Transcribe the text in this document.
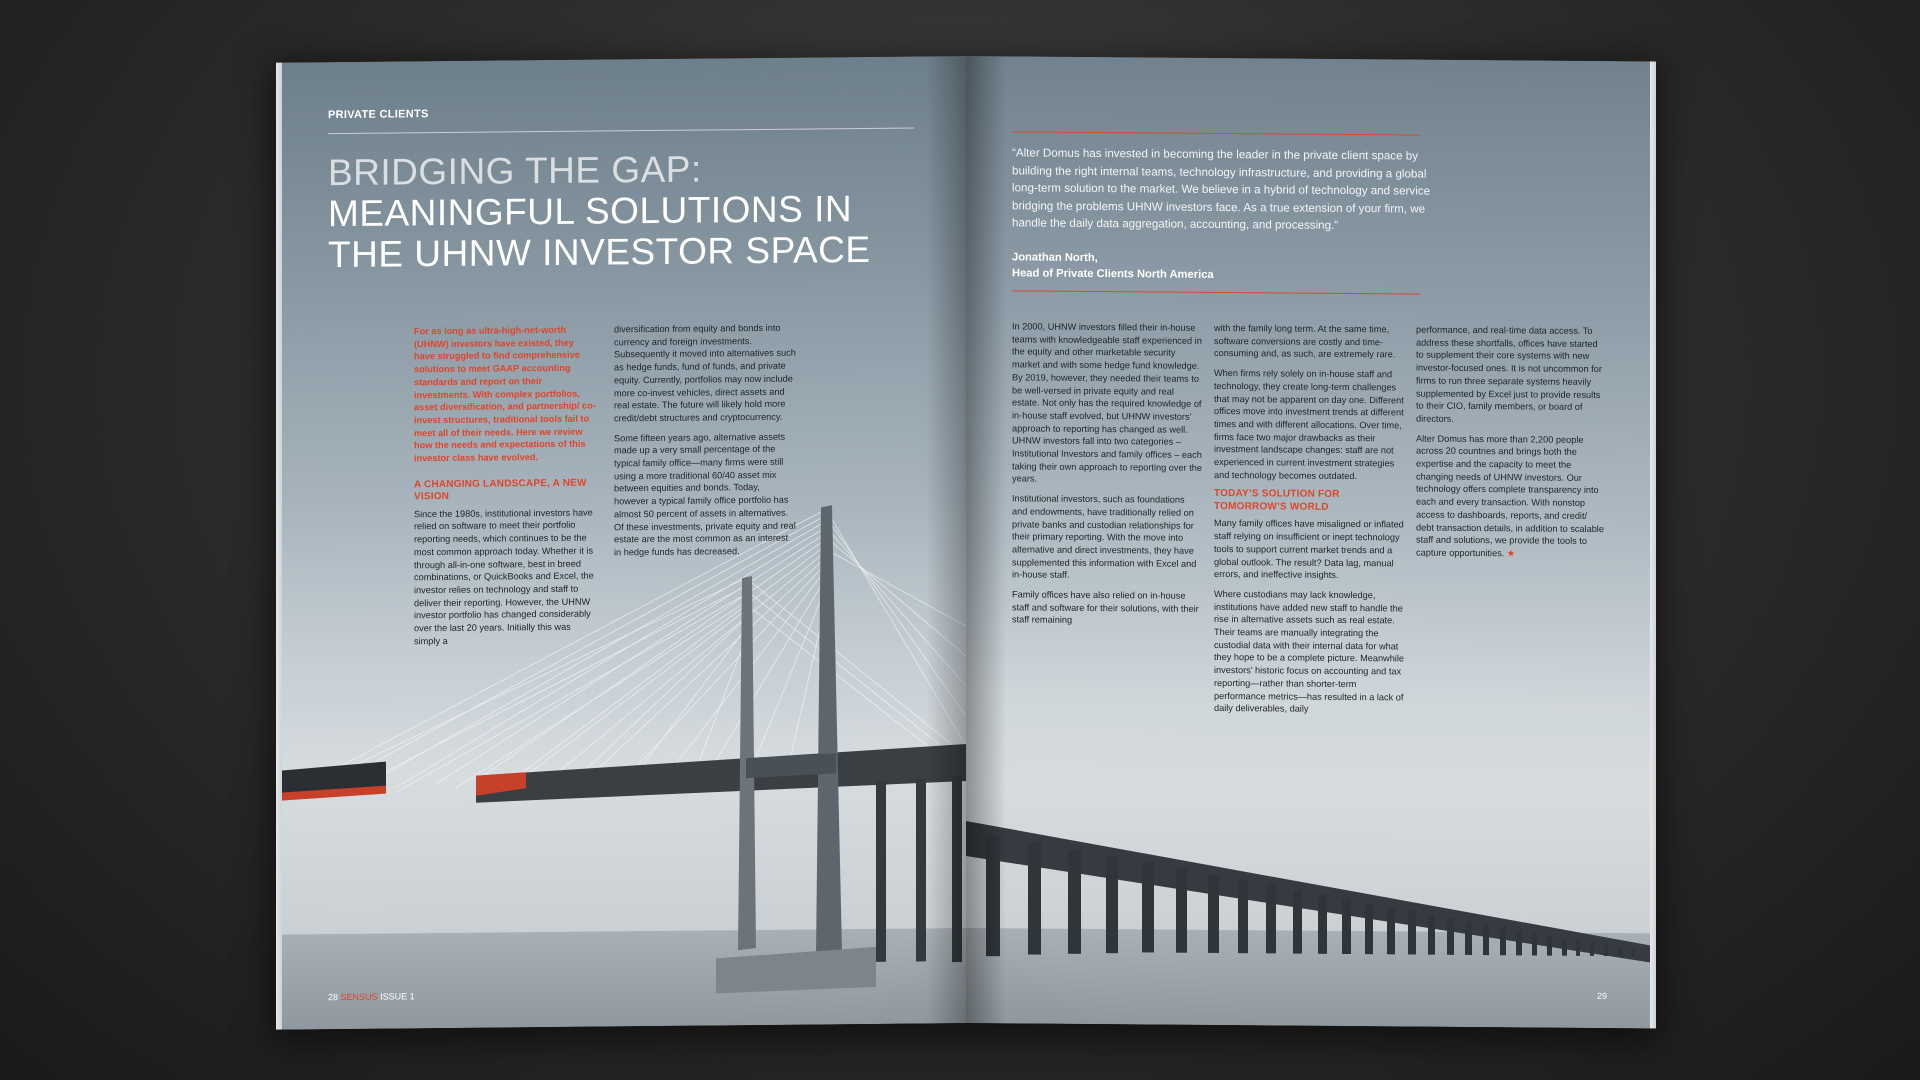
PRIVATE CLIENTS
BRIDGING THE GAP:
MEANINGFUL SOLUTIONS IN
THE UHNW INVESTOR SPACE

For as long as ultra-high-net-worth (UHNW) investors have existed, they have struggled to find comprehensive solutions to meet GAAP accounting standards and report on their investments. With complex portfolios, asset diversification, and partnership/ co-invest structures, traditional tools fail to meet all of their needs. Here we review how the needs and expectations of this investor class have evolved.

A CHANGING LANDSCAPE, A NEW VISION

Since the 1980s, institutional investors have relied on software to meet their portfolio reporting needs, which continues to be the most common approach today. Whether it is through all-in-one software, best in breed combinations, or QuickBooks and Excel, the investor relies on technology and staff to deliver their reporting. However, the UHNW investor portfolio has changed considerably over the last 20 years. Initially this was simply a

diversification from equity and bonds into currency and foreign investments. Subsequently it moved into alternatives such as hedge funds, fund of funds, and private equity. Currently, portfolios may now include more co-invest vehicles, direct assets and real estate. The future will likely hold more credit/debt structures and cryptocurrency.

Some fifteen years ago, alternative assets made up a very small percentage of the typical family office—many firms were still using a more traditional 60/40 asset mix between equities and bonds. Today, however a typical family office portfolio has almost 50 percent of assets in alternatives. Of these investments, private equity and real estate are the most common as an interest in hedge funds has decreased.

28 SENSUS ISSUE 1
“Alter Domus has invested in becoming the leader in the private client space by building the right internal teams, technology infrastructure, and providing a global long-term solution to the market. We believe in a hybrid of technology and service bridging the problems UHNW investors face. As a true extension of your firm, we handle the daily data aggregation, accounting, and processing.”
Jonathan North,
Head of Private Clients North America

In 2000, UHNW investors filled their in-house teams with knowledgeable staff experienced in the equity and other marketable security market and with some hedge fund knowledge. By 2019, however, they needed their teams to be well-versed in private equity and real estate. Not only has the required knowledge of in-house staff evolved, but UHNW investors’ approach to reporting has changed as well. UHNW investors fall into two categories – Institutional Investors and family offices – each taking their own approach to reporting over the years.

Institutional investors, such as foundations and endowments, have traditionally relied on private banks and custodian relationships for their primary reporting. With the move into alternative and direct investments, they have supplemented this information with Excel and in-house staff.

Family offices have also relied on in-house staff and software for their solutions, with their staff remaining

with the family long term. At the same time, software conversions are costly and time-consuming and, as such, are extremely rare.

When firms rely solely on in-house staff and technology, they create long-term challenges that may not be apparent on day one. Different offices move into investment trends at different times and with different allocations. Over time, firms face two major drawbacks as their investment landscape changes: staff are not experienced in current investment strategies and technology becomes outdated.

TODAY’S SOLUTION FOR TOMORROW’S WORLD

Many family offices have misaligned or inflated staff relying on insufficient or inept technology tools to support current market trends and a global outlook. The result? Data lag, manual errors, and ineffective insights.

Where custodians may lack knowledge, institutions have added new staff to handle the rise in alternative assets such as real estate. Their teams are manually integrating the custodial data with their internal data for what they hope to be a complete picture. Meanwhile investors’ historic focus on accounting and tax reporting—rather than shorter-term performance metrics—has resulted in a lack of daily deliverables, daily

performance, and real-time data access. To address these shortfalls, offices have started to supplement their core systems with new investor-focused ones. It is not uncommon for firms to run three separate systems heavily supplemented by Excel just to provide results to their CIO, family members, or board of directors.

Alter Domus has more than 2,200 people across 20 countries and brings both the expertise and the capacity to meet the changing needs of UHNW investors. Our technology offers complete transparency into each and every transaction. With nonstop access to dashboards, reports, and credit/ debt transaction details, in addition to scalable staff and solutions, we provide the tools to capture opportunities. ★

29
